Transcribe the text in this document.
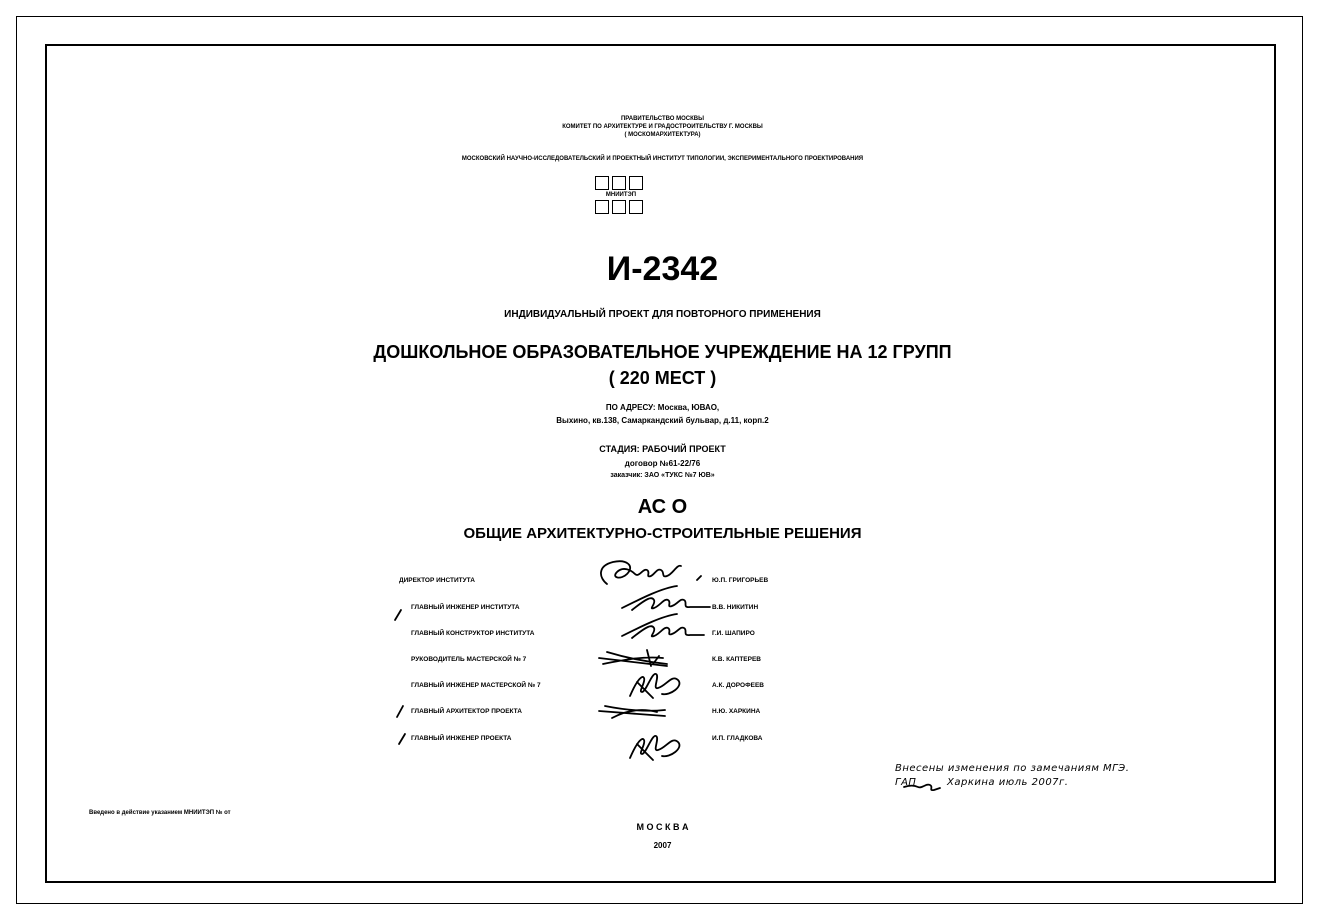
ПРАВИТЕЛЬСТВО МОСКВЫ
КОМИТЕТ ПО АРХИТЕКТУРЕ И ГРАДОСТРОИТЕЛЬСТВУ Г. МОСКВЫ
( МОСКОМАРХИТЕКТУРА)
МОСКОВСКИЙ НАУЧНО-ИССЛЕДОВАТЕЛЬСКИЙ И ПРОЕКТНЫЙ ИНСТИТУТ ТИПОЛОГИИ, ЭКСПЕРИМЕНТАЛЬНОГО ПРОЕКТИРОВАНИЯ
МНИИТЭП
И-2342
ИНДИВИДУАЛЬНЫЙ ПРОЕКТ ДЛЯ ПОВТОРНОГО ПРИМЕНЕНИЯ
ДОШКОЛЬНОЕ ОБРАЗОВАТЕЛЬНОЕ УЧРЕЖДЕНИЕ НА 12 ГРУПП
( 220 МЕСТ )
ПО АДРЕСУ: Москва, ЮВАО,
Выхино, кв.138, Самаркандский бульвар, д.11, корп.2
СТАДИЯ: РАБОЧИЙ ПРОЕКТ
договор №61-22/76
заказчик: ЗАО «ТУКС №7 ЮВ»
АС О
ОБЩИЕ АРХИТЕКТУРНО-СТРОИТЕЛЬНЫЕ РЕШЕНИЯ
ДИРЕКТОР ИНСТИТУТА	Ю.П. ГРИГОРЬЕВ
ГЛАВНЫЙ ИНЖЕНЕР ИНСТИТУТА	В.В. НИКИТИН
ГЛАВНЫЙ КОНСТРУКТОР ИНСТИТУТА	Г.И. ШАПИРО
РУКОВОДИТЕЛЬ МАСТЕРСКОЙ № 7	К.В. КАПТЕРЕВ
ГЛАВНЫЙ ИНЖЕНЕР МАСТЕРСКОЙ № 7	А.К. ДОРОФЕЕВ
ГЛАВНЫЙ АРХИТЕКТОР ПРОЕКТА	Н.Ю. ХАРКИНА
ГЛАВНЫЙ ИНЖЕНЕР ПРОЕКТА	И.П. ГЛАДКОВА
Внесены изменения по замечаниям МГЭ.
ГАП	Харкина июль 2007г.
Введено в действие указанием МНИИТЭП № от
М О С К В А
2007
